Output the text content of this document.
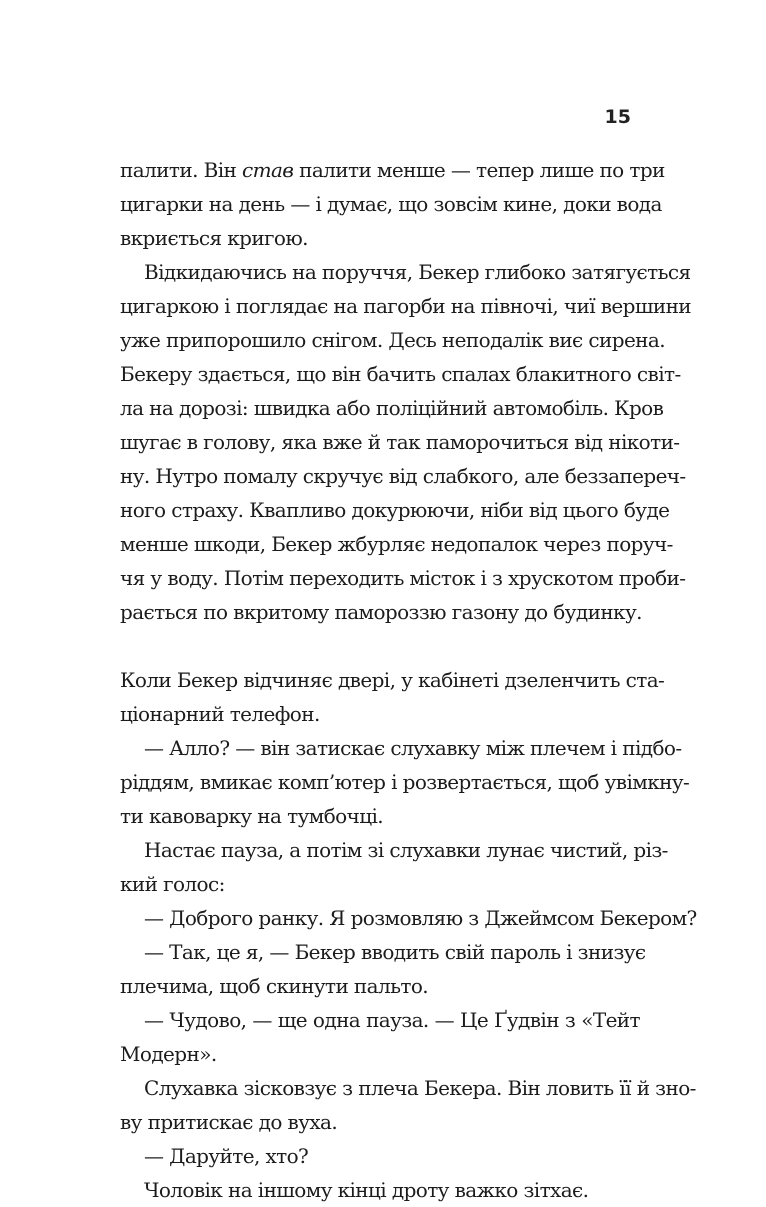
15
палити. Він став палити менше — тепер лише по три
цигарки на день — і думає, що зовсім кине, доки вода
вкриється кригою.
Відкидаючись на поруччя, Бекер глибоко затягується
цигаркою і поглядає на пагорби на півночі, чиї вершини
уже припорошило снігом. Десь неподалік виє сирена.
Бекеру здається, що він бачить спалах блакитного світ-
ла на дорозі: швидка або поліційний автомобіль. Кров
шугає в голову, яка вже й так паморочиться від нікоти-
ну. Нутро помалу скручує від слабкого, але беззапереч-
ного страху. Квапливо докурюючи, ніби від цього буде
менше шкоди, Бекер жбурляє недопалок через поруч-
чя у воду. Потім переходить місток і з хрускотом проби-
рається по вкритому памороззю газону до будинку.
Коли Бекер відчиняє двері, у кабінеті дзеленчить ста-
ціонарний телефон.
— Алло? — він затискає слухавку між плечем і підбо-
ріддям, вмикає комп’ютер і розвертається, щоб увімкну-
ти кавоварку на тумбочці.
Настає пауза, а потім зі слухавки лунає чистий, різ-
кий голос:
— Доброго ранку. Я розмовляю з Джеймсом Бекером?
— Так, це я, — Бекер вводить свій пароль і знизує
плечима, щоб скинути пальто.
— Чудово, — ще одна пауза. — Це Ґудвін з «Тейт
Модерн».
Слухавка зісковзує з плеча Бекера. Він ловить її й зно-
ву притискає до вуха.
— Даруйте, хто?
Чоловік на іншому кінці дроту важко зітхає.
